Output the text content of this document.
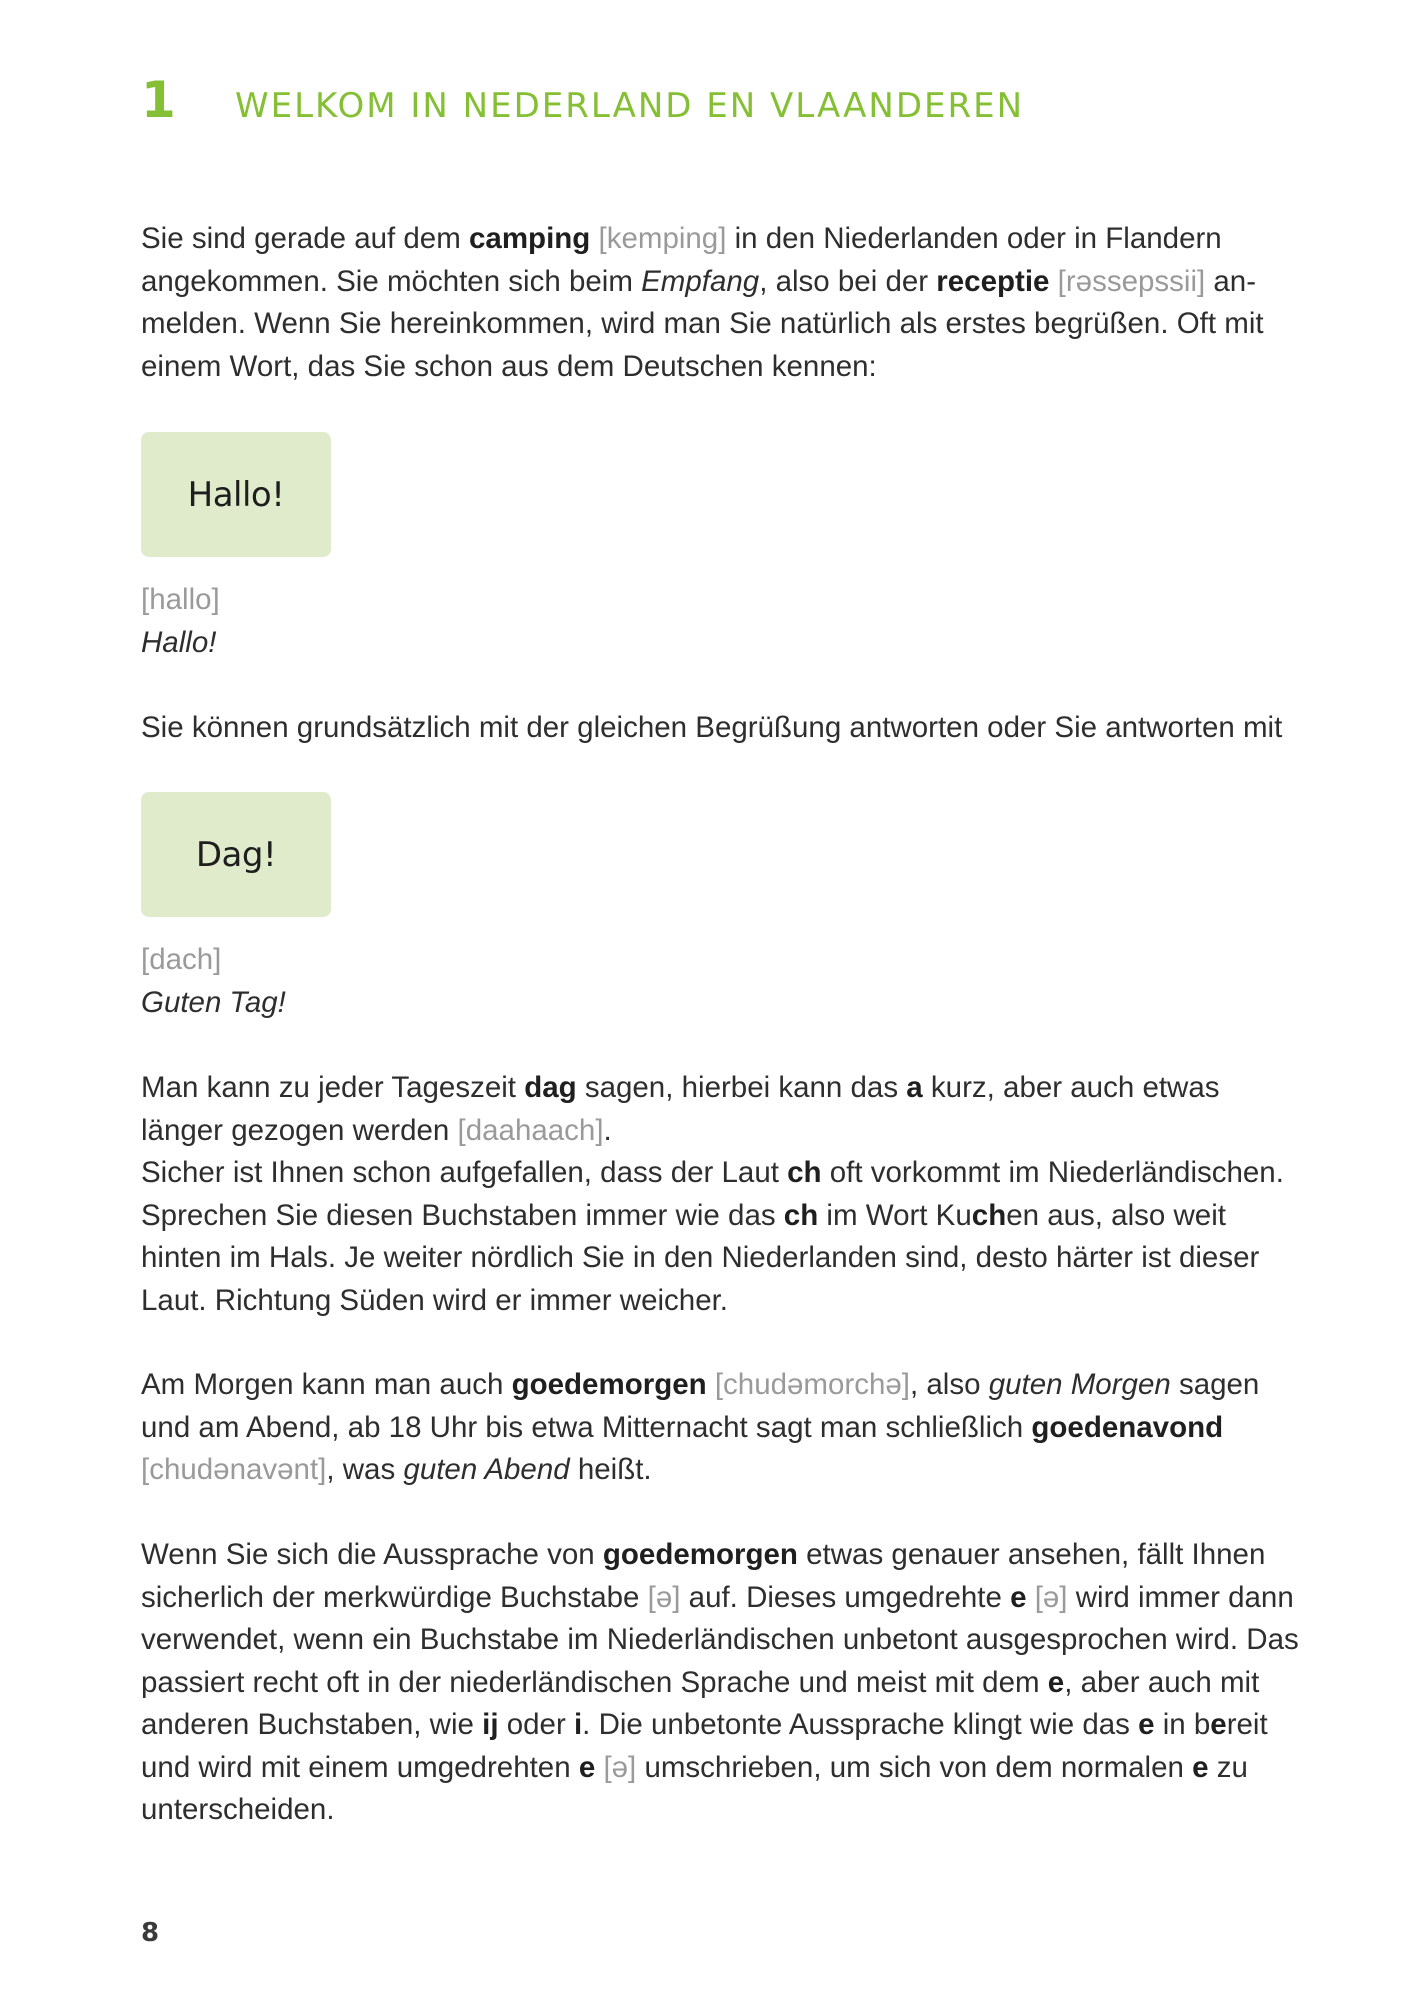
1	WELKOM IN NEDERLAND EN VLAANDEREN

Sie sind gerade auf dem camping [kemping] in den Niederlanden oder in Flandern angekommen. Sie möchten sich beim Empfang, also bei der receptie [rəssepssii] anmelden. Wenn Sie hereinkommen, wird man Sie natürlich als erstes begrüßen. Oft mit einem Wort, das Sie schon aus dem Deutschen kennen:

Hallo!
[hallo]
Hallo!

Sie können grundsätzlich mit der gleichen Begrüßung antworten oder Sie antworten mit

Dag!
[dach]
Guten Tag!

Man kann zu jeder Tageszeit dag sagen, hierbei kann das a kurz, aber auch etwas länger gezogen werden [daahaach].

Sicher ist Ihnen schon aufgefallen, dass der Laut ch oft vorkommt im Niederländischen. Sprechen Sie diesen Buchstaben immer wie das ch im Wort Kuchen aus, also weit hinten im Hals. Je weiter nördlich Sie in den Niederlanden sind, desto härter ist dieser Laut. Richtung Süden wird er immer weicher.

Am Morgen kann man auch goedemorgen [chudəmorchə], also guten Morgen sagen und am Abend, ab 18 Uhr bis etwa Mitternacht sagt man schließlich goedenavond [chudənavənt], was guten Abend heißt.

Wenn Sie sich die Aussprache von goedemorgen etwas genauer ansehen, fällt Ihnen sicherlich der merkwürdige Buchstabe [ə] auf. Dieses umgedrehte e [ə] wird immer dann verwendet, wenn ein Buchstabe im Niederländischen unbetont ausgesprochen wird. Das passiert recht oft in der niederländischen Sprache und meist mit dem e, aber auch mit anderen Buchstaben, wie ij oder i. Die unbetonte Aussprache klingt wie das e in bereit und wird mit einem umgedrehten e [ə] umschrieben, um sich von dem normalen e zu unterscheiden.

8
